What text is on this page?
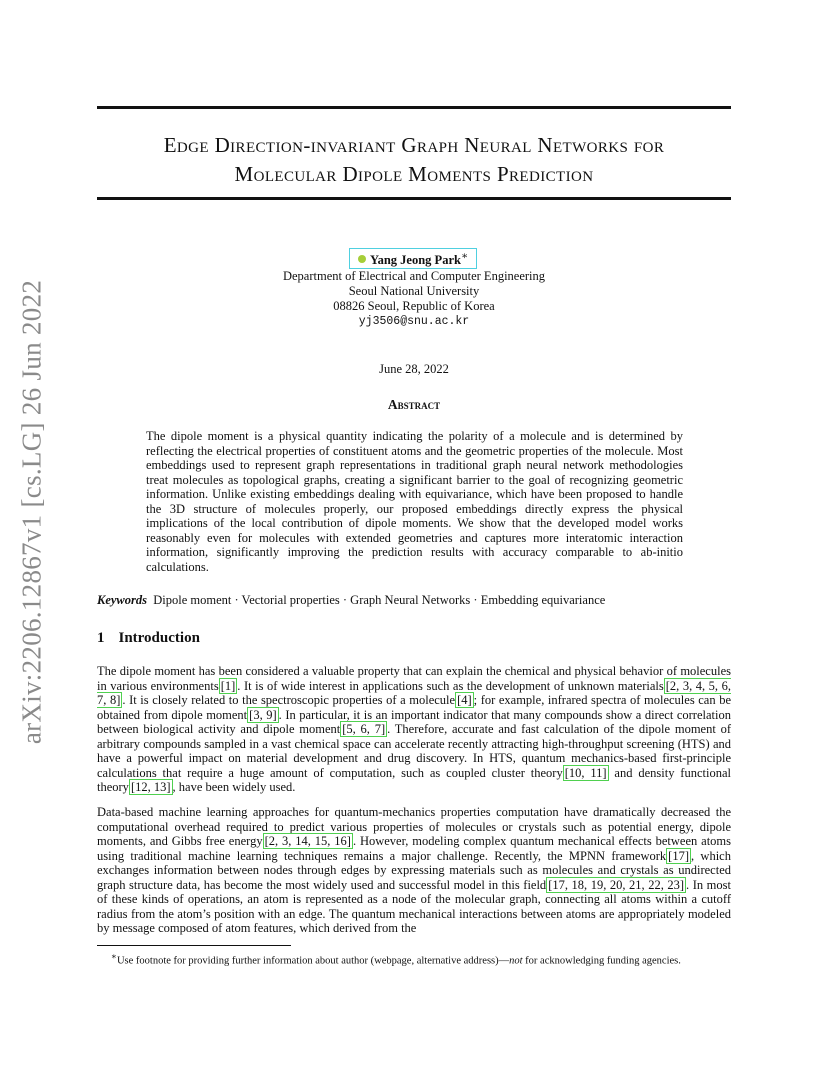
arXiv:2206.12867v1 [cs.LG] 26 Jun 2022
Edge Direction-invariant Graph Neural Networks for
Molecular Dipole Moments Prediction
Yang Jeong Park∗
Department of Electrical and Computer Engineering
Seoul National University
08826 Seoul, Republic of Korea
yj3506@snu.ac.kr
June 28, 2022
Abstract
The dipole moment is a physical quantity indicating the polarity of a molecule and is determined by reflecting the electrical properties of constituent atoms and the geometric properties of the molecule. Most embeddings used to represent graph representations in traditional graph neural network methodologies treat molecules as topological graphs, creating a significant barrier to the goal of recognizing geometric information. Unlike existing embeddings dealing with equivariance, which have been proposed to handle the 3D structure of molecules properly, our proposed embeddings directly express the physical implications of the local contribution of dipole moments. We show that the developed model works reasonably even for molecules with extended geometries and captures more interatomic interaction information, significantly improving the prediction results with accuracy comparable to ab-initio calculations.
Keywords Dipole moment · Vectorial properties · Graph Neural Networks · Embedding equivariance
1 Introduction
The dipole moment has been considered a valuable property that can explain the chemical and physical behavior of molecules in various environments [1] . It is of wide interest in applications such as the development of unknown materials [2, 3, 4, 5, 6, 7, 8] . It is closely related to the spectroscopic properties of a molecule [4] ; for example, infrared spectra of molecules can be obtained from dipole moment [3, 9] . In particular, it is an important indicator that many compounds show a direct correlation between biological activity and dipole moment [5, 6, 7] . Therefore, accurate and fast calculation of the dipole moment of arbitrary compounds sampled in a vast chemical space can accelerate recently attracting high-throughput screening (HTS) and have a powerful impact on material development and drug discovery. In HTS, quantum mechanics-based first-principle calculations that require a huge amount of computation, such as coupled cluster theory [10, 11] and density functional theory [12, 13] , have been widely used.
Data-based machine learning approaches for quantum-mechanics properties computation have dramatically decreased the computational overhead required to predict various properties of molecules or crystals such as potential energy, dipole moments, and Gibbs free energy [2, 3, 14, 15, 16] . However, modeling complex quantum mechanical effects between atoms using traditional machine learning techniques remains a major challenge. Recently, the MPNN framework [17] , which exchanges information between nodes through edges by expressing materials such as molecules and crystals as undirected graph structure data, has become the most widely used and successful model in this field [17, 18, 19, 20, 21, 22, 23] . In most of these kinds of operations, an atom is represented as a node of the molecular graph, connecting all atoms within a cutoff radius from the atom’s position with an edge. The quantum mechanical interactions between atoms are appropriately modeled by message composed of atom features, which derived from the
∗Use footnote for providing further information about author (webpage, alternative address)—not for acknowledging funding agencies.
